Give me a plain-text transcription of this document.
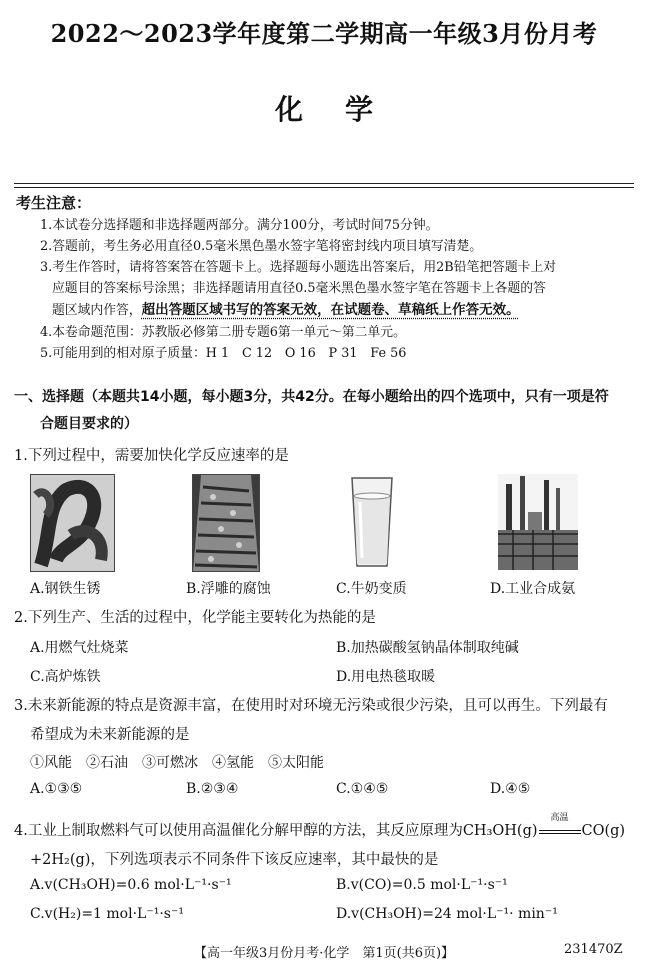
2022～2023学年度第二学期高一年级3月份月考
化学
考生注意：
1.本试卷分选择题和非选择题两部分。满分100分，考试时间75分钟。
2.答题前，考生务必用直径0.5毫米黑色墨水签字笔将密封线内项目填写清楚。
3.考生作答时，请将答案答在答题卡上。选择题每小题选出答案后，用2B铅笔把答题卡上对
应题目的答案标号涂黑；非选择题请用直径0.5毫米黑色墨水签字笔在答题卡上各题的答
题区域内作答，超出答题区域书写的答案无效，在试题卷、草稿纸上作答无效。
4.本卷命题范围：苏教版必修第二册专题6第一单元～第二单元。
5.可能用到的相对原子质量：H 1　C 12　O 16　P 31　Fe 56
一、选择题（本题共14小题，每小题3分，共42分。在每小题给出的四个选项中，只有一项是符
合题目要求的）
1.下列过程中，需要加快化学反应速率的是
A.钢铁生锈	B.浮雕的腐蚀	C.牛奶变质	D.工业合成氨
2.下列生产、生活的过程中，化学能主要转化为热能的是
A.用燃气灶烧菜	B.加热碳酸氢钠晶体制取纯碱
C.高炉炼铁	D.用电热毯取暖
3.未来新能源的特点是资源丰富，在使用时对环境无污染或很少污染，且可以再生。下列最有
希望成为未来新能源的是
①风能　②石油　③可燃冰　④氢能　⑤太阳能
A.①③⑤	B.②③④	C.①④⑤	D.④⑤
4.工业上制取燃料气可以使用高温催化分解甲醇的方法，其反应原理为CH₃OH(g)
高温
CO(g)
+2H₂(g)，下列选项表示不同条件下该反应速率，其中最快的是
A.v(CH₃OH)=0.6 mol·L⁻¹·s⁻¹	B.v(CO)=0.5 mol·L⁻¹·s⁻¹
C.v(H₂)=1 mol·L⁻¹·s⁻¹	D.v(CH₃OH)=24 mol·L⁻¹· min⁻¹
【高一年级3月份月考·化学　第1页(共6页)】	231470Z
